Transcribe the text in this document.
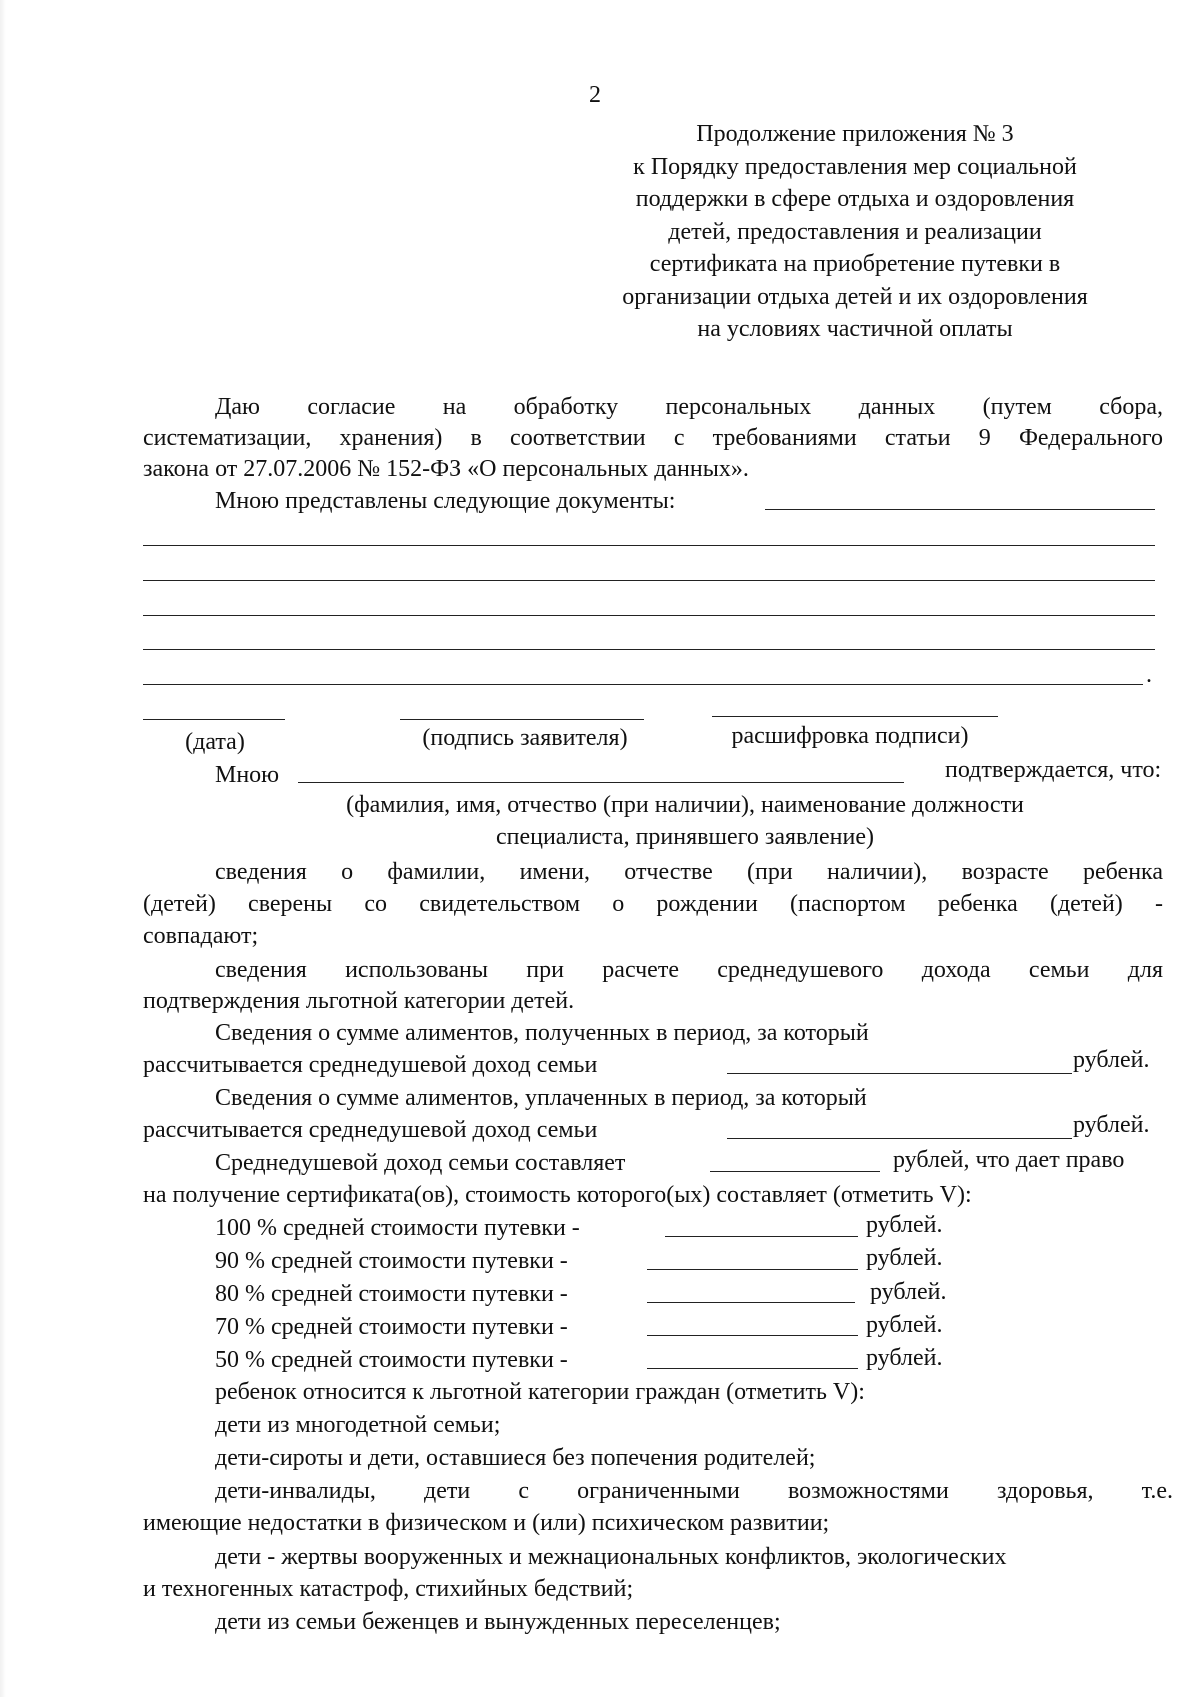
2
Продолжение приложения № 3
к Порядку предоставления мер социальной
поддержки в сфере отдыха и оздоровления
детей, предоставления и реализации
сертификата на приобретение путевки в
организации отдыха детей и их оздоровления
на условиях частичной оплаты
Даю согласие на обработку персональных данных (путем сбора,
систематизации, хранения) в соответствии с требованиями статьи 9 Федерального
закона от 27.07.2006 № 152-ФЗ «О персональных данных».
Мною представлены следующие документы:
.
(дата)	(подпись заявителя)	расшифровка подписи)
Мною	подтверждается, что:
(фамилия, имя, отчество (при наличии), наименование должности
специалиста, принявшего заявление)
сведения о фамилии, имени, отчестве (при наличии), возрасте ребенка
(детей) сверены со свидетельством о рождении (паспортом ребенка (детей) -
совпадают;
сведения использованы при расчете среднедушевого дохода семьи для
подтверждения льготной категории детей.
Сведения о сумме алиментов, полученных в период, за который
рассчитывается среднедушевой доход семьи	рублей.
Сведения о сумме алиментов, уплаченных в период, за который
рассчитывается среднедушевой доход семьи	рублей.
Среднедушевой доход семьи составляет	рублей, что дает право
на получение сертификата(ов), стоимость которого(ых) составляет (отметить V):
100 % средней стоимости путевки -	рублей.
90 % средней стоимости путевки -	рублей.
80 % средней стоимости путевки -	рублей.
70 % средней стоимости путевки -	рублей.
50 % средней стоимости путевки -	рублей.
ребенок относится к льготной категории граждан (отметить V):
дети из многодетной семьи;
дети-сироты и дети, оставшиеся без попечения родителей;
дети-инвалиды, дети с ограниченными возможностями здоровья, т.е.
имеющие недостатки в физическом и (или) психическом развитии;
дети - жертвы вооруженных и межнациональных конфликтов, экологических
и техногенных катастроф, стихийных бедствий;
дети из семьи беженцев и вынужденных переселенцев;
